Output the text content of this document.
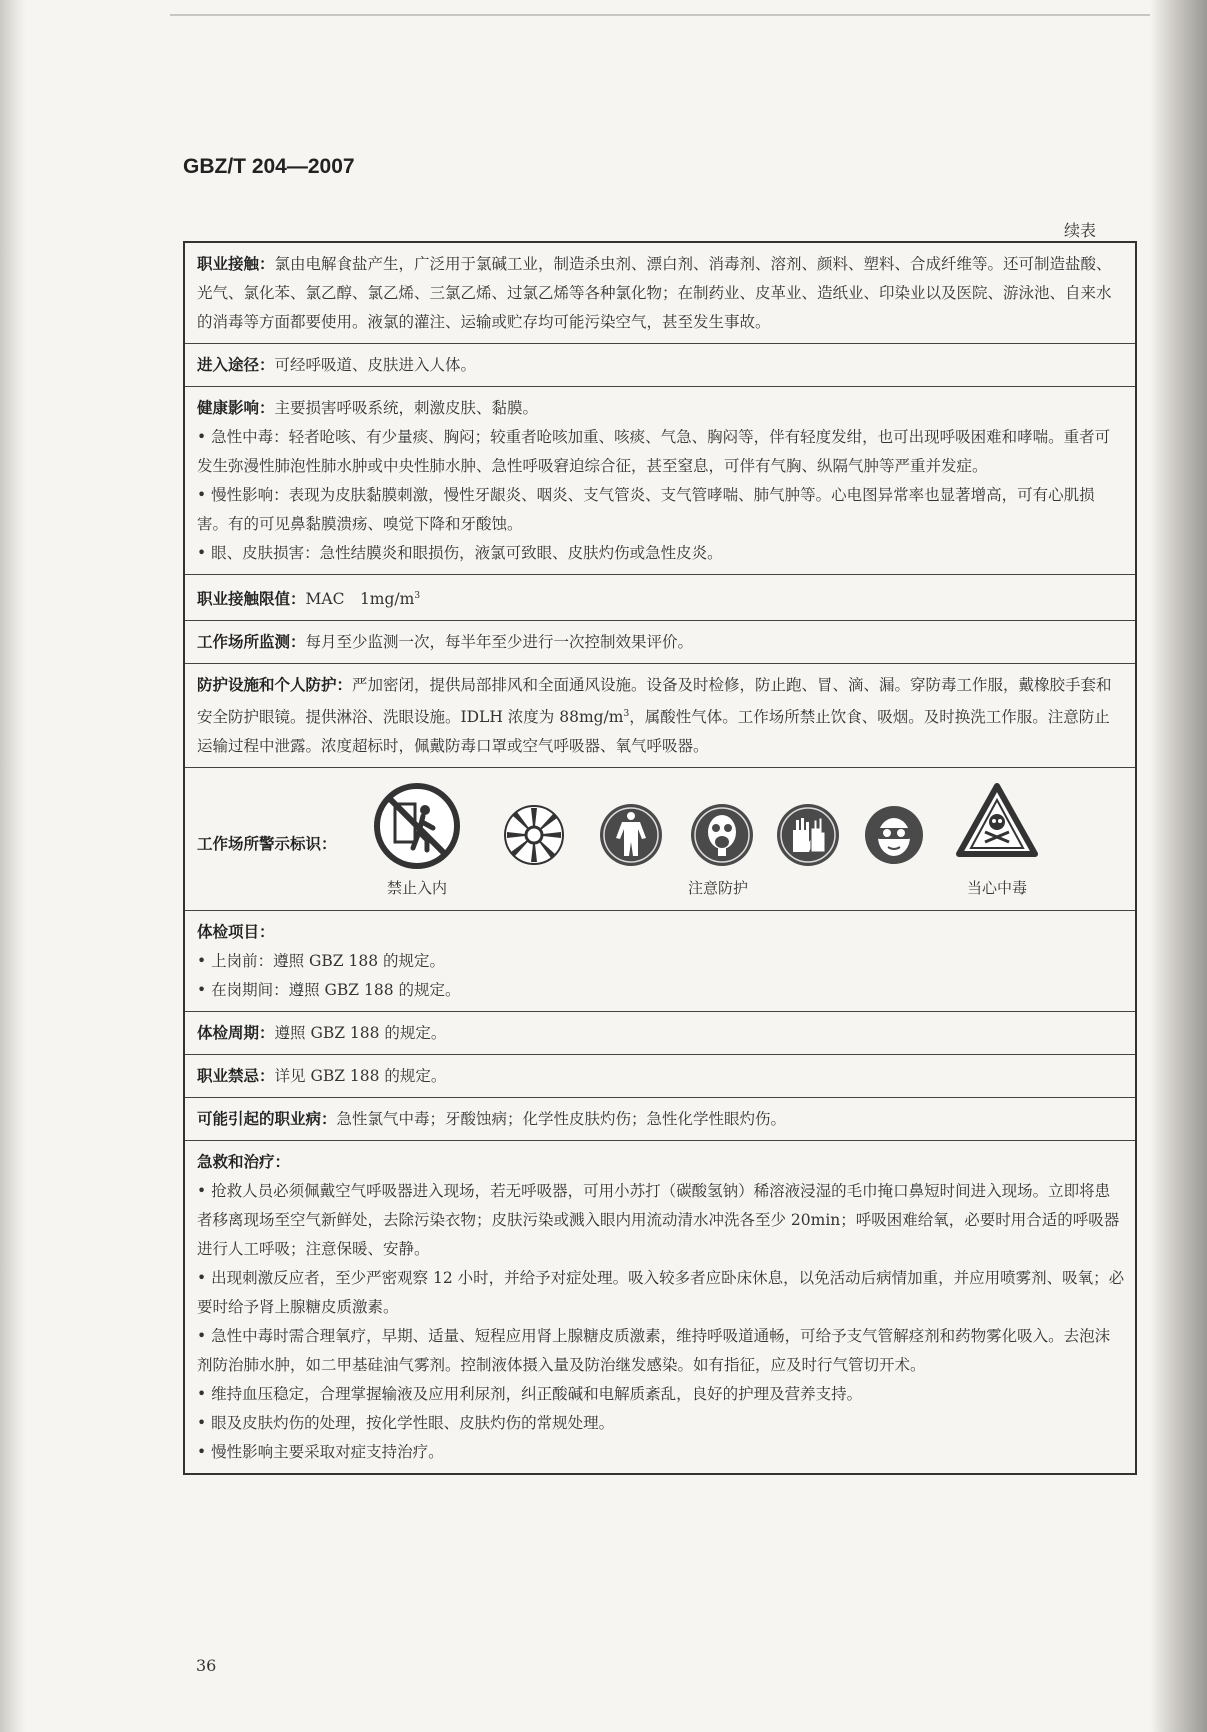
GBZ/T 204—2007
续表
职业接触：氯由电解食盐产生，广泛用于氯碱工业，制造杀虫剂、漂白剂、消毒剂、溶剂、颜料、塑料、合成纤维等。还可制造盐酸、光气、氯化苯、氯乙醇、氯乙烯、三氯乙烯、过氯乙烯等各种氯化物；在制药业、皮革业、造纸业、印染业以及医院、游泳池、自来水的消毒等方面都要使用。液氯的灌注、运输或贮存均可能污染空气，甚至发生事故。
进入途径：可经呼吸道、皮肤进入人体。
健康影响：主要损害呼吸系统，刺激皮肤、黏膜。
• 急性中毒：轻者呛咳、有少量痰、胸闷；较重者呛咳加重、咳痰、气急、胸闷等，伴有轻度发绀，也可出现呼吸困难和哮喘。重者可发生弥漫性肺泡性肺水肿或中央性肺水肿、急性呼吸窘迫综合征，甚至窒息，可伴有气胸、纵隔气肿等严重并发症。
• 慢性影响：表现为皮肤黏膜刺激，慢性牙龈炎、咽炎、支气管炎、支气管哮喘、肺气肿等。心电图异常率也显著增高，可有心肌损害。有的可见鼻黏膜溃疡、嗅觉下降和牙酸蚀。
• 眼、皮肤损害：急性结膜炎和眼损伤，液氯可致眼、皮肤灼伤或急性皮炎。
职业接触限值：MAC　$1mg/m^3$
工作场所监测：每月至少监测一次，每半年至少进行一次控制效果评价。
防护设施和个人防护：严加密闭，提供局部排风和全面通风设施。设备及时检修，防止跑、冒、滴、漏。穿防毒工作服，戴橡胶手套和安全防护眼镜。提供淋浴、洗眼设施。IDLH 浓度为 $88mg/m^3$，属酸性气体。工作场所禁止饮食、吸烟。及时换洗工作服。注意防止运输过程中泄露。浓度超标时，佩戴防毒口罩或空气呼吸器、氧气呼吸器。
工作场所警示标识：
禁止入内	注意防护	当心中毒
体检项目：
• 上岗前：遵照 GBZ 188 的规定。
• 在岗期间：遵照 GBZ 188 的规定。
体检周期：遵照 GBZ 188 的规定。
职业禁忌：详见 GBZ 188 的规定。
可能引起的职业病：急性氯气中毒；牙酸蚀病；化学性皮肤灼伤；急性化学性眼灼伤。
急救和治疗：
• 抢救人员必须佩戴空气呼吸器进入现场，若无呼吸器，可用小苏打（碳酸氢钠）稀溶液浸湿的毛巾掩口鼻短时间进入现场。立即将患者移离现场至空气新鲜处，去除污染衣物；皮肤污染或溅入眼内用流动清水冲洗各至少 20min；呼吸困难给氧，必要时用合适的呼吸器进行人工呼吸；注意保暖、安静。
• 出现刺激反应者，至少严密观察 12 小时，并给予对症处理。吸入较多者应卧床休息，以免活动后病情加重，并应用喷雾剂、吸氧；必要时给予肾上腺糖皮质激素。
• 急性中毒时需合理氧疗，早期、适量、短程应用肾上腺糖皮质激素，维持呼吸道通畅，可给予支气管解痉剂和药物雾化吸入。去泡沫剂防治肺水肿，如二甲基硅油气雾剂。控制液体摄入量及防治继发感染。如有指征，应及时行气管切开术。
• 维持血压稳定，合理掌握输液及应用利尿剂，纠正酸碱和电解质紊乱，良好的护理及营养支持。
• 眼及皮肤灼伤的处理，按化学性眼、皮肤灼伤的常规处理。
• 慢性影响主要采取对症支持治疗。
36
